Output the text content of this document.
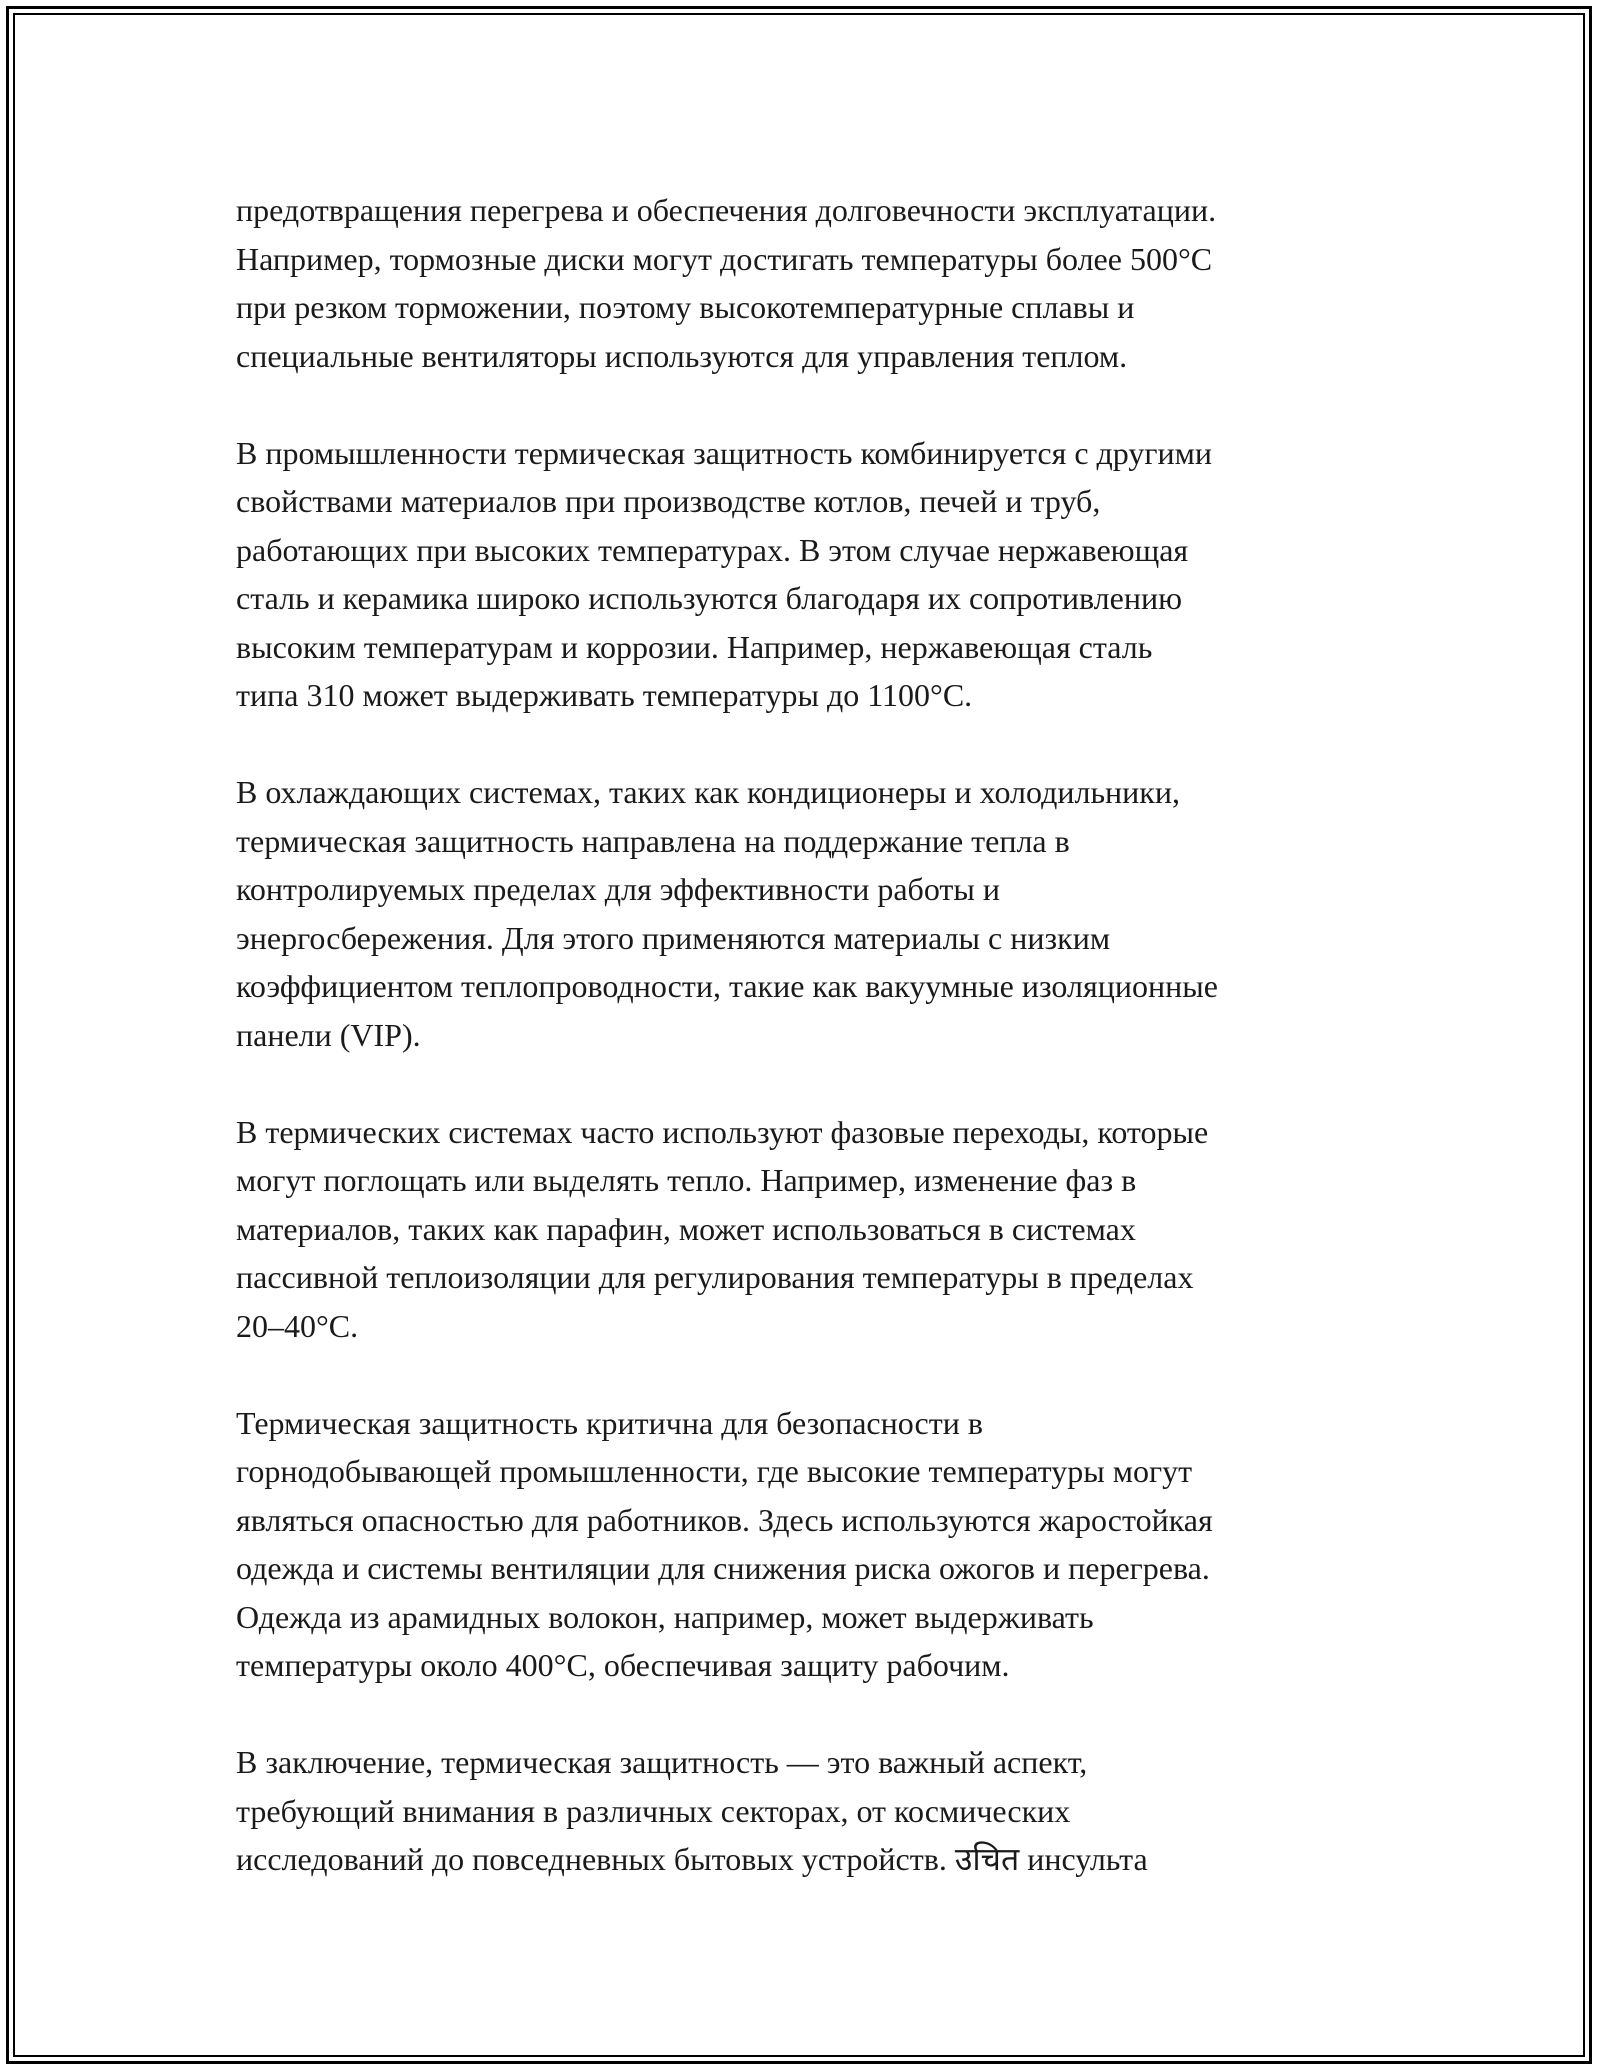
предотвращения перегрева и обеспечения долговечности эксплуатации.
Например, тормозные диски могут достигать температуры более 500°C
при резком торможении, поэтому высокотемпературные сплавы и
специальные вентиляторы используются для управления теплом.

В промышленности термическая защитность комбинируется с другими
свойствами материалов при производстве котлов, печей и труб,
работающих при высоких температурах. В этом случае нержавеющая
сталь и керамика широко используются благодаря их сопротивлению
высоким температурам и коррозии. Например, нержавеющая сталь
типа 310 может выдерживать температуры до 1100°C.

В охлаждающих системах, таких как кондиционеры и холодильники,
термическая защитность направлена на поддержание тепла в
контролируемых пределах для эффективности работы и
энергосбережения. Для этого применяются материалы с низким
коэффициентом теплопроводности, такие как вакуумные изоляционные
панели (VIP).

В термических системах часто используют фазовые переходы, которые
могут поглощать или выделять тепло. Например, изменение фаз в
материалов, таких как парафин, может использоваться в системах
пассивной теплоизоляции для регулирования температуры в пределах
20–40°C.

Термическая защитность критична для безопасности в
горнодобывающей промышленности, где высокие температуры могут
являться опасностью для работников. Здесь используются жаростойкая
одежда и системы вентиляции для снижения риска ожогов и перегрева.
Одежда из арамидных волокон, например, может выдерживать
температуры около 400°C, обеспечивая защиту рабочим.

В заключение, термическая защитность — это важный аспект,
требующий внимания в различных секторах, от космических
исследований до повседневных бытовых устройств. उचित инсульта
